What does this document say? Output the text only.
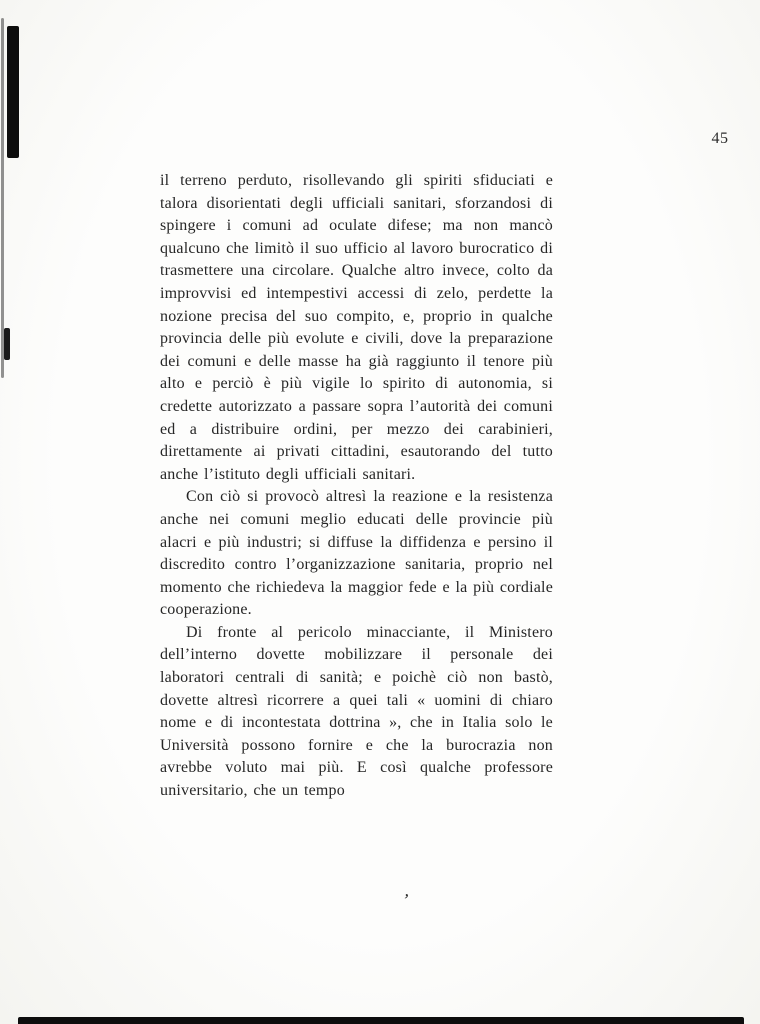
45

il terreno perduto, risollevando gli spiriti sfiduciati e talora disorientati degli ufficiali sanitari, sforzandosi di spingere i comuni ad oculate difese; ma non mancò qualcuno che limitò il suo ufficio al lavoro burocratico di trasmettere una circolare. Qualche altro invece, colto da improvvisi ed intempestivi accessi di zelo, perdette la nozione precisa del suo compito, e, proprio in qualche provincia delle più evolute e civili, dove la preparazione dei comuni e delle masse ha già raggiunto il tenore più alto e perciò è più vigile lo spirito di autonomia, si credette autorizzato a passare sopra l’autorità dei comuni ed a distribuire ordini, per mezzo dei carabinieri, direttamente ai privati cittadini, esautorando del tutto anche l’istituto degli ufficiali sanitari.

Con ciò si provocò altresì la reazione e la resistenza anche nei comuni meglio educati delle provincie più alacri e più industri; si diffuse la diffidenza e persino il discredito contro l’organizzazione sanitaria, proprio nel momento che richiedeva la maggior fede e la più cordiale cooperazione.

Di fronte al pericolo minacciante, il Ministero dell’interno dovette mobilizzare il personale dei laboratori centrali di sanità; e poichè ciò non bastò, dovette altresì ricorrere a quei tali « uomini di chiaro nome e di incontestata dottrina », che in Italia solo le Università possono fornire e che la burocrazia non avrebbe voluto mai più. E così qualche professore universitario, che un tempo

’
